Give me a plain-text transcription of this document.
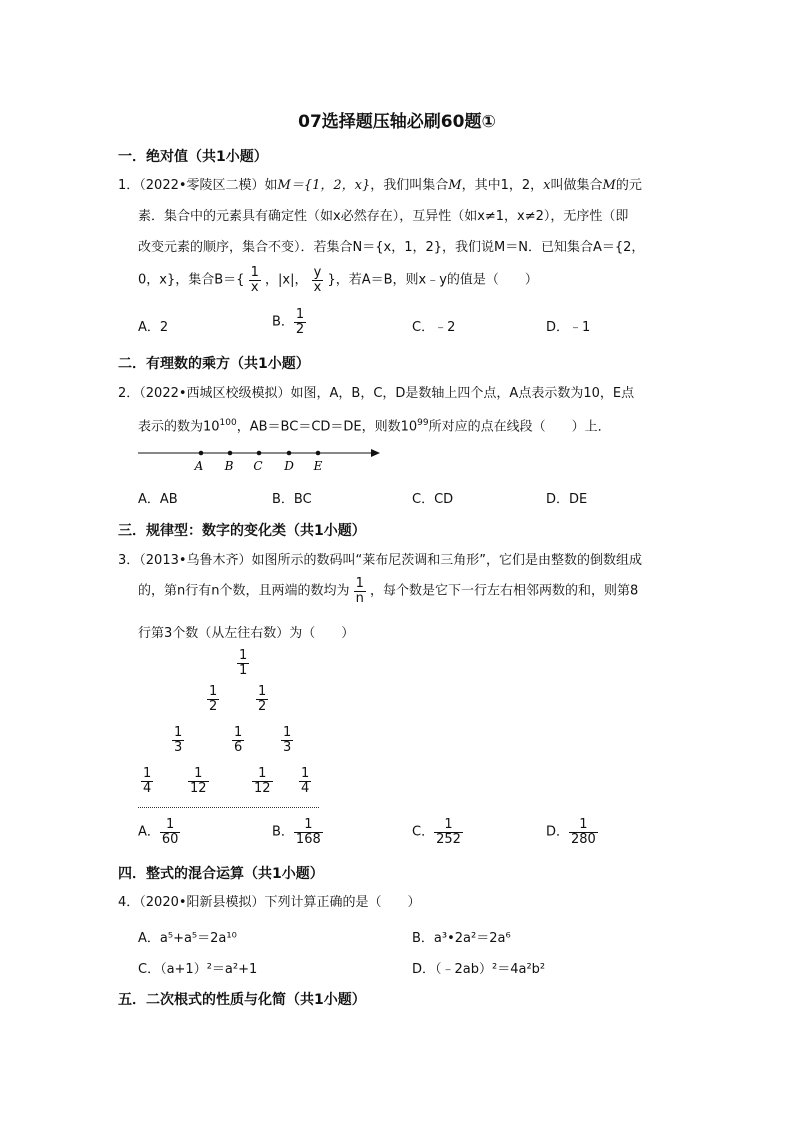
07选择题压轴必刷60题①
一．绝对值（共1小题）
1．（2022•零陵区二模）如M＝{1，2，x}，我们叫集合M，其中1，2，x叫做集合M的元
素．集合中的元素具有确定性（如x必然存在），互异性（如x≠1，x≠2），无序性（即
改变元素的顺序，集合不变）．若集合N＝{x，1，2}，我们说M＝N．已知集合A＝{2，
0，x}，集合$B=\{ \frac{1}{x}$ ，|x|， $\frac{y}{x}$ }，若A＝B，则x﹣y的值是（　　）
A．2	B． $\frac{1}{2}$	C．﹣2	D．﹣1
二．有理数的乘方（共1小题）
2．（2022•西城区校级模拟）如图，A，B，C，D是数轴上四个点，A点表示数为10，E点
表示的数为$10^{100}$，AB＝BC＝CD＝DE，则数$10^{99}$所对应的点在线段（　　）上．
A B C D E
A．AB	B．BC	C．CD	D．DE
三．规律型：数字的变化类（共1小题）
3．（2013•乌鲁木齐）如图所示的数码叫“莱布尼茨调和三角形”，它们是由整数的倒数组成
的，第n行有n个数，且两端的数均为 $\frac{1}{n}$ ，每个数是它下一行左右相邻两数的和，则第8
行第3个数（从左往右数）为（　　）
$\frac{1}{1}$
$\frac{1}{2}$	$\frac{1}{2}$
$\frac{1}{3}$	$\frac{1}{6}$	$\frac{1}{3}$
$\frac{1}{4}$	$\frac{1}{12}$	$\frac{1}{12} \frac{1}{4}$
A． $\frac{1}{60}$	B． $\frac{1}{168}$	C． $\frac{1}{252}$	D． $\frac{1}{280}$
四．整式的混合运算（共1小题）
4．（2020•阳新县模拟）下列计算正确的是（　　）
A．a⁵+a⁵＝2a¹⁰	B．a³•2a²＝2a⁶
C．（a+1）²＝a²+1	D．（﹣2ab）²＝4a²b²
五．二次根式的性质与化简（共1小题）
